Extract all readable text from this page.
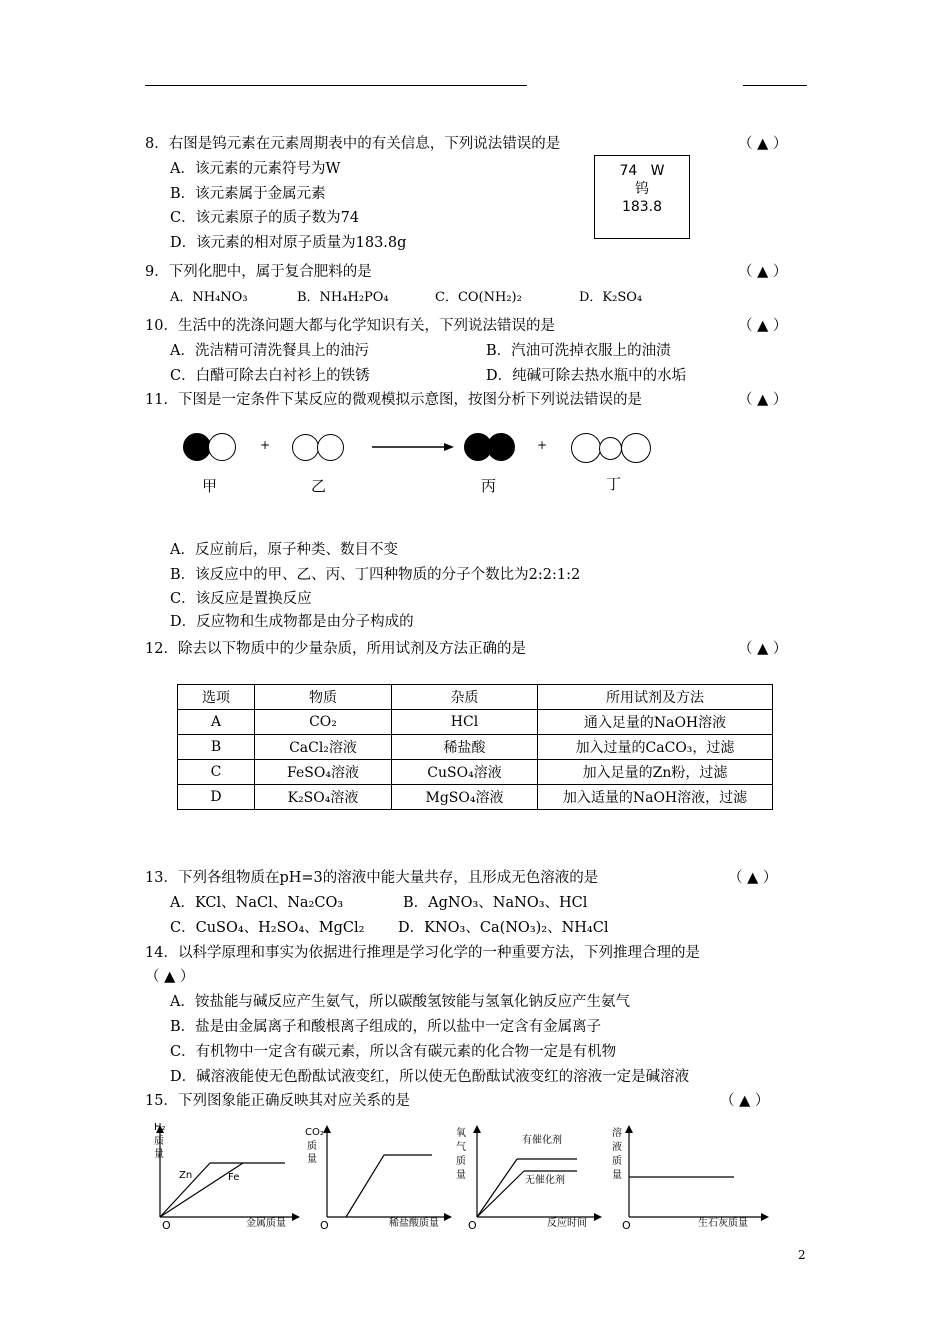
8．右图是钨元素在元素周期表中的有关信息，下列说法错误的是	（ ▲ ）
A．该元素的元素符号为W
B．该元素属于金属元素
C．该元素原子的质子数为74
D．该元素的相对原子质量为183.8g
74 W
钨
183.8
9．下列化肥中，属于复合肥料的是	（ ▲ ）
A．NH₄NO₃	B．NH₄H₂PO₄	C．CO(NH₂)₂	D．K₂SO₄
10．生活中的洗涤问题大都与化学知识有关，下列说法错误的是	（ ▲ ）
A．洗洁精可清洗餐具上的油污	B．汽油可洗掉衣服上的油渍
C．白醋可除去白衬衫上的铁锈	D．纯碱可除去热水瓶中的水垢
11．下图是一定条件下某反应的微观模拟示意图，按图分析下列说法错误的是	（ ▲ ）
甲
+
乙	丙
+
丁
A．反应前后，原子种类、数目不变
B．该反应中的甲、乙、丙、丁四种物质的分子个数比为2:2:1:2
C．该反应是置换反应
D．反应物和生成物都是由分子构成的
12．除去以下物质中的少量杂质，所用试剂及方法正确的是	（ ▲ ）
选项	物质	杂质	所用试剂及方法
A	CO₂	HCl	通入足量的NaOH溶液
B	CaCl₂溶液	稀盐酸	加入过量的CaCO₃，过滤
C	FeSO₄溶液	CuSO₄溶液	加入足量的Zn粉，过滤
D	K₂SO₄溶液	MgSO₄溶液	加入适量的NaOH溶液，过滤
13．下列各组物质在pH=3的溶液中能大量共存，且形成无色溶液的是	（ ▲ ）
A．KCl、NaCl、Na₂CO₃	B．AgNO₃、NaNO₃、HCl
C．CuSO₄、H₂SO₄、MgCl₂ D．KNO₃、Ca(NO₃)₂、NH₄Cl
14．以科学原理和事实为依据进行推理是学习化学的一种重要方法，下列推理合理的是
（ ▲ ）
A．铵盐能与碱反应产生氨气，所以碳酸氢铵能与氢氧化钠反应产生氨气
B．盐是由金属离子和酸根离子组成的，所以盐中一定含有金属离子
C．有机物中一定含有碳元素，所以含有碳元素的化合物一定是有机物
D．碱溶液能使无色酚酞试液变红，所以使无色酚酞试液变红的溶液一定是碱溶液
15．下列图象能正确反映其对应关系的是	（ ▲ ）
H₂
质
量
Zn	Fe
O	金属质量
CO₂
质
量
O	稀盐酸质量
氧
气
质
量
有催化剂
无催化剂
O	反应时间
溶
液
质
量
O	生石灰质量
2
